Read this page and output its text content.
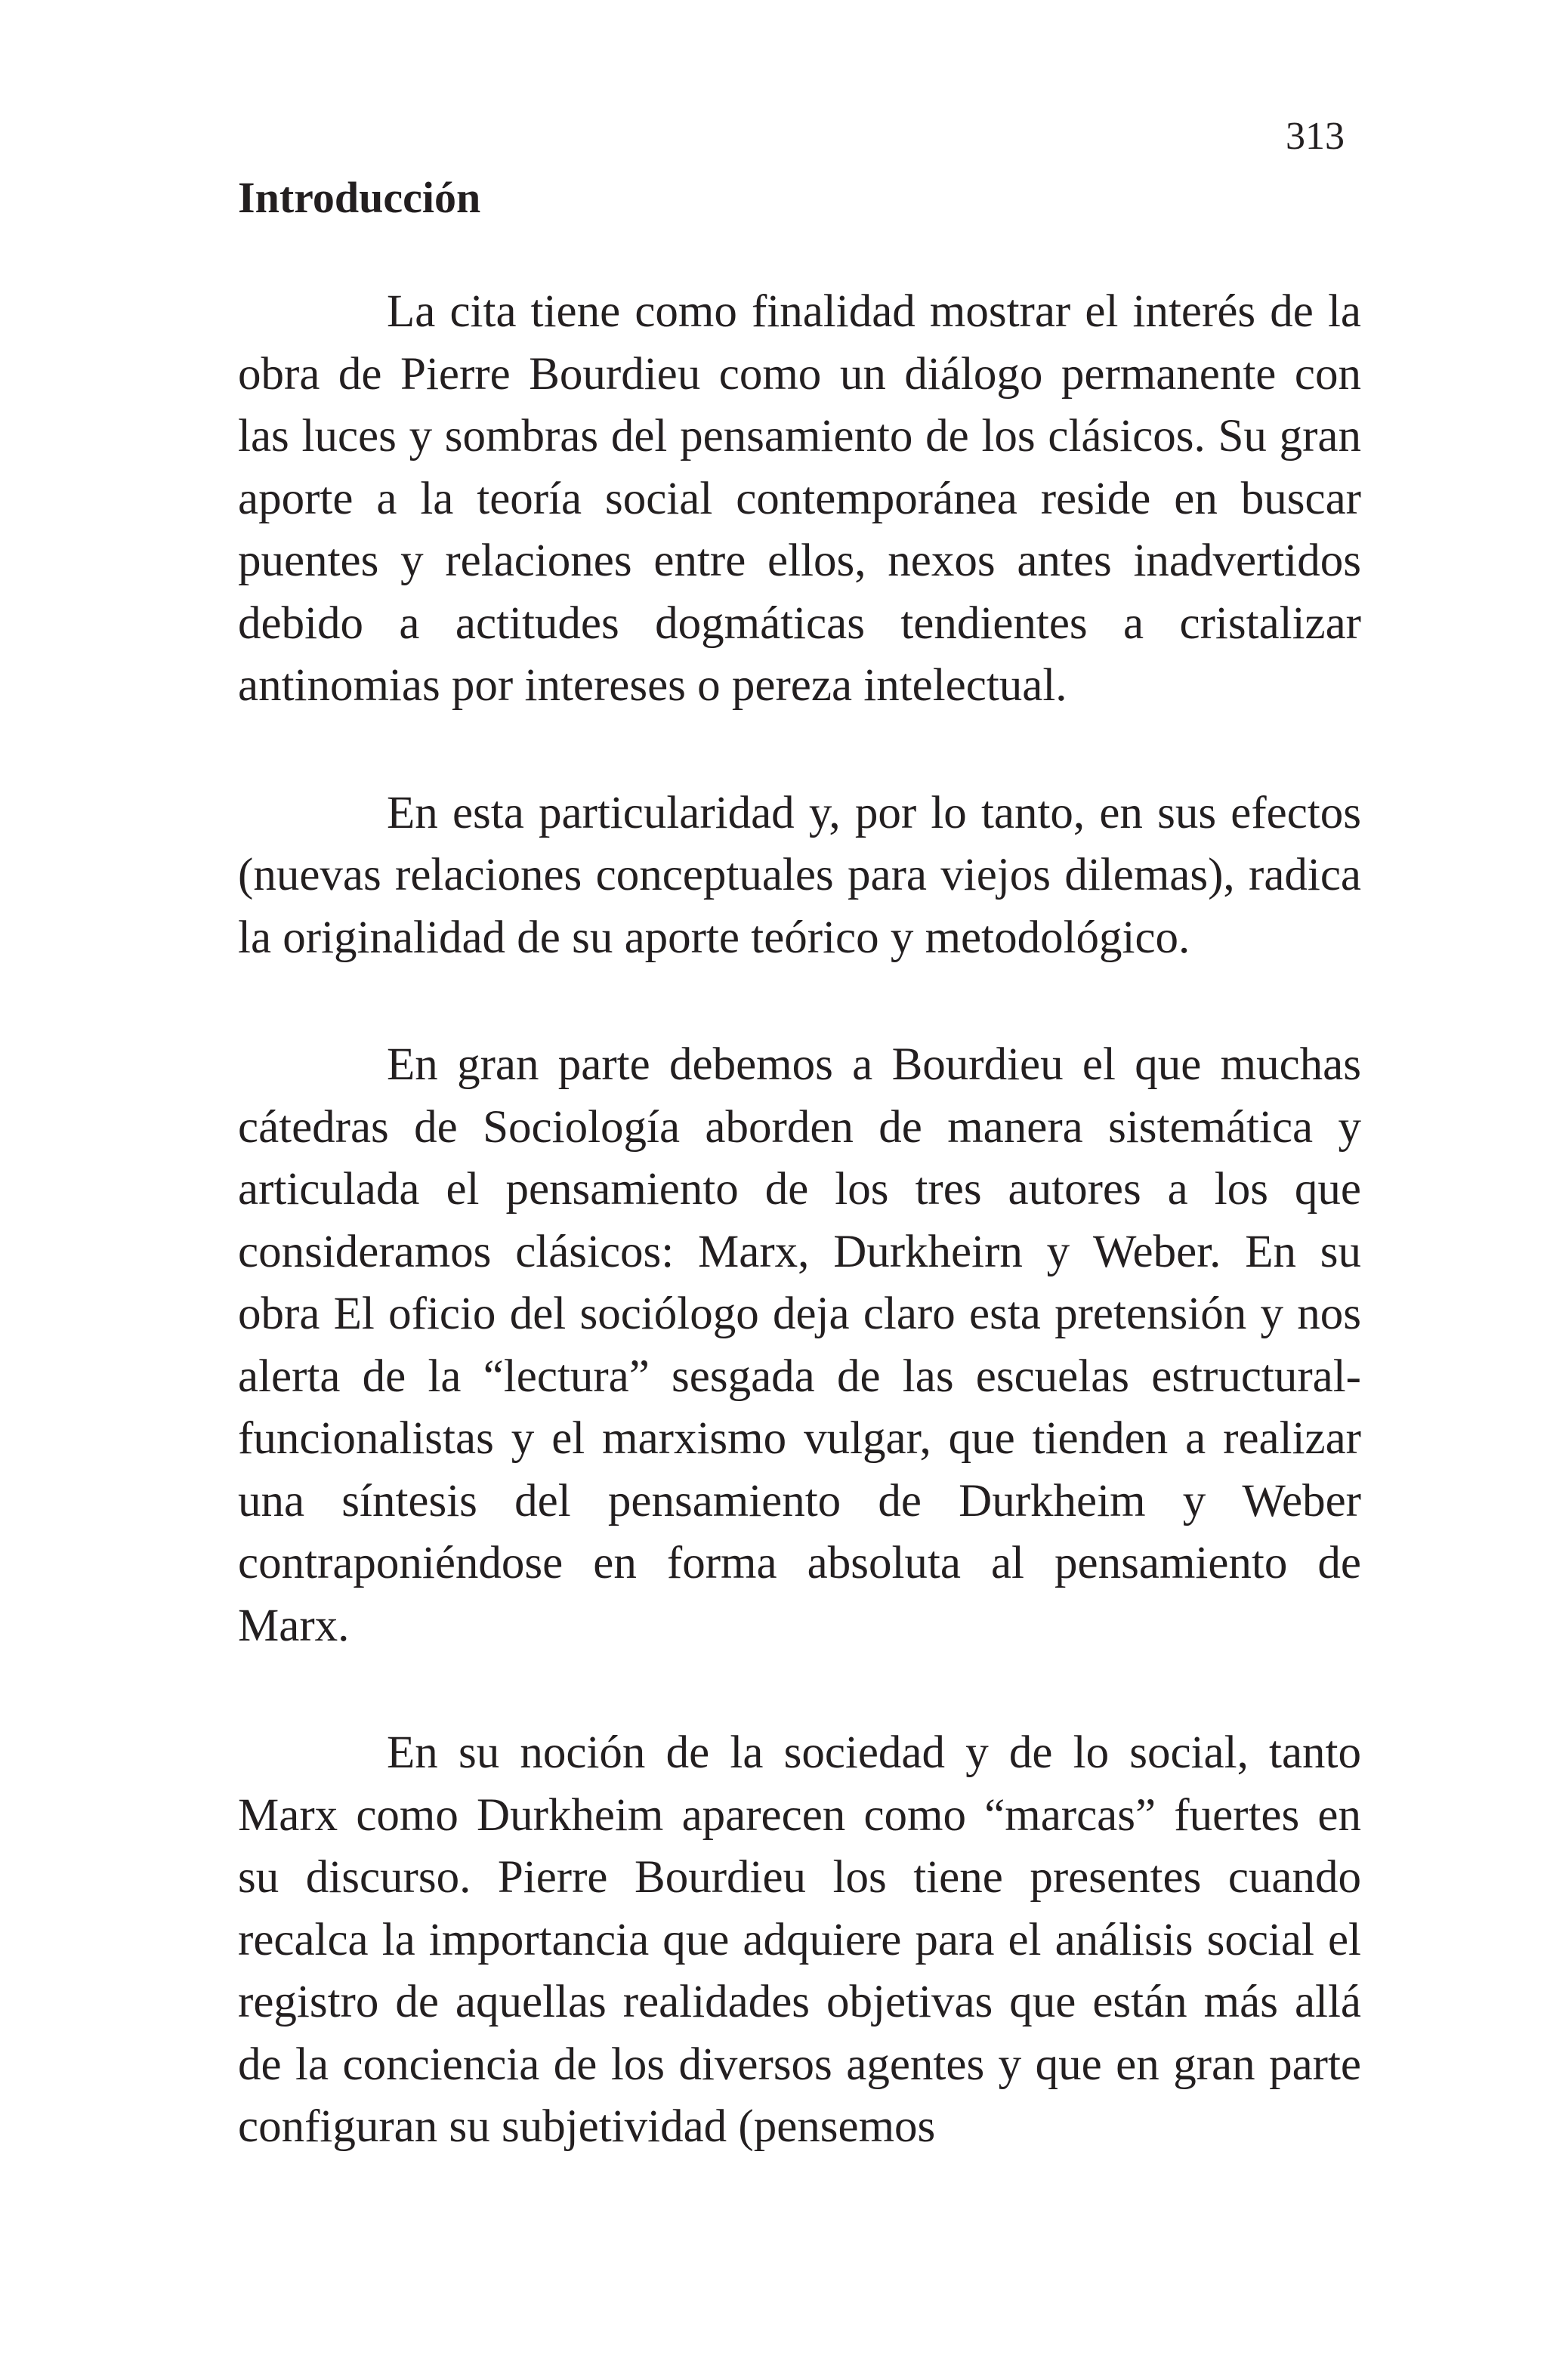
313
Introducción

La cita tiene como finalidad mostrar el interés de la obra de Pierre Bourdieu como un diálogo permanente con las luces y sombras del pensamiento de los clásicos. Su gran aporte a la teoría social contemporánea reside en buscar puentes y relaciones entre ellos, nexos antes inadvertidos debido a actitudes dogmáticas tendientes a cristalizar antinomias por intereses o pereza intelectual.

En esta particularidad y, por lo tanto, en sus efectos (nuevas relaciones conceptuales para viejos dilemas), radica la originalidad de su aporte teórico y metodológico.

En gran parte debemos a Bourdieu el que muchas cátedras de Sociología aborden de manera sistemática y articulada el pensamiento de los tres autores a los que consideramos clásicos: Marx, Durkheirn y Weber. En su obra El oficio del sociólogo deja claro esta pretensión y nos alerta de la “lectura” sesgada de las escuelas estructural-funcionalistas y el marxismo vulgar, que tienden a realizar una síntesis del pensamiento de Durkheim y Weber contraponiéndose en forma absoluta al pensamiento de Marx.

En su noción de la sociedad y de lo social, tanto Marx como Durkheim aparecen como “marcas” fuertes en su discurso. Pierre Bourdieu los tiene presentes cuando recalca la importancia que adquiere para el análisis social el registro de aquellas realidades objetivas que están más allá de la conciencia de los diversos agentes y que en gran parte configuran su subjetividad (pensemos
